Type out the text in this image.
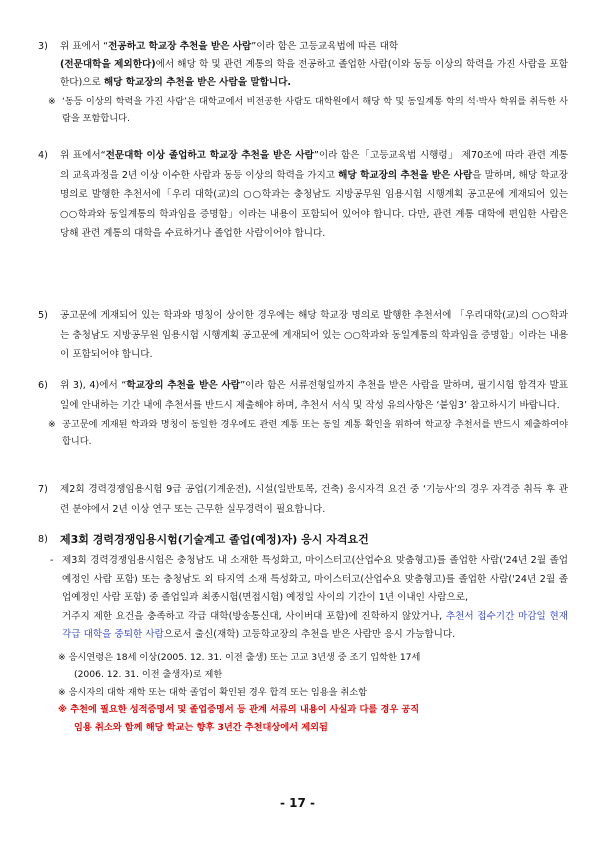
3)	위 표에서 “전공하고 학교장 추천을 받은 사람”이라 함은 고등교육법에 따른 대학
(전문대학을 제외한다)에서 해당 학 및 관련 계통의 학을 전공하고 졸업한 사람(이와 동등 이상의 학력을 가진 사람을 포함한다)으로 해당 학교장의 추천을 받은 사람을 말합니다.
※ ‘동등 이상의 학력을 가진 사람’은 대학교에서 비전공한 사람도 대학원에서 해당 학 및 동일계통 학의 석·박사 학위를 취득한 사람을 포함합니다.
4)	위 표에서“전문대학 이상 졸업하고 학교장 추천을 받은 사람”이라 함은「고등교육법 시행령」 제70조에 따라 관련 계통의 교육과정을 2년 이상 이수한 사람과 동등 이상의 학력을 가지고 해당 학교장의 추천을 받은 사람을 말하며, 해당 학교장 명의로 발행한 추천서에「우리 대학(교)의 ○○학과는 충청남도 지방공무원 임용시험 시행계획 공고문에 게재되어 있는 ○○학과와 동일계통의 학과임을 증명함」이라는 내용이 포함되어 있어야 합니다. 다만, 관련 계통 대학에 편입한 사람은 당해 관련 계통의 대학을 수료하거나 졸업한 사람이어야 합니다.
5)	공고문에 게재되어 있는 학과와 명칭이 상이한 경우에는 해당 학교장 명의로 발행한 추천서에 「우리대학(교)의 ○○학과는 충청남도 지방공무원 임용시험 시행계획 공고문에 게재되어 있는 ○○학과와 동일계통의 학과임을 증명함」이라는 내용이 포함되어야 합니다.
6)	위 3), 4)에서 “학교장의 추천을 받은 사람”이라 함은 서류전형일까지 추천을 받은 사람을 말하며, 필기시험 합격자 발표일에 안내하는 기간 내에 추천서를 반드시 제출해야 하며, 추천서 서식 및 작성 유의사항은 ‘붙임3’ 참고하시기 바랍니다.
※ 공고문에 게재된 학과와 명칭이 동일한 경우에도 관련 계통 또는 동일 계통 확인을 위하여 학교장 추천서를 반드시 제출하여야 합니다.
7)	제2회 경력경쟁임용시험 9급 공업(기계운전), 시설(일반토목, 건축) 응시자격 요건 중 ‘기능사’의 경우 자격증 취득 후 관련 분야에서 2년 이상 연구 또는 근무한 실무경력이 필요합니다.
8)	제3회 경력경쟁임용시험(기술계고 졸업(예정)자) 응시 자격요건
- 제3회 경력경쟁임용시험은 충청남도 내 소재한 특성화고, 마이스터고(산업수요 맞춤형고)를 졸업한 사람('24년 2월 졸업 예정인 사람 포함) 또는 충청남도 외 타지역 소재 특성화고, 마이스터고(산업수요 맞춤형고)를 졸업한 사람('24년 2월 졸업예정인 사람 포함) 중 졸업일과 최종시험(면접시험) 예정일 사이의 기간이 1년 이내인 사람으로,
거주지 제한 요건을 충족하고 각급 대학(방송통신대, 사이버대 포함)에 진학하지 않았거나, 추천서 접수기간 마감일 현재 각급 대학을 중퇴한 사람으로서 출신(재학) 고등학교장의 추천을 받은 사람만 응시 가능합니다.
※ 응시연령은 18세 이상(2005. 12. 31. 이전 출생) 또는 고교 3년생 중 조기 입학한 17세
(2006. 12. 31. 이전 출생자)로 제한
※ 응시자의 대학 재학 또는 대학 졸업이 확인된 경우 합격 또는 임용을 취소함
※ 추천에 필요한 성적증명서 및 졸업증명서 등 관계 서류의 내용이 사실과 다를 경우 공직
임용 취소와 함께 해당 학교는 향후 3년간 추천대상에서 제외됨
- 17 -
